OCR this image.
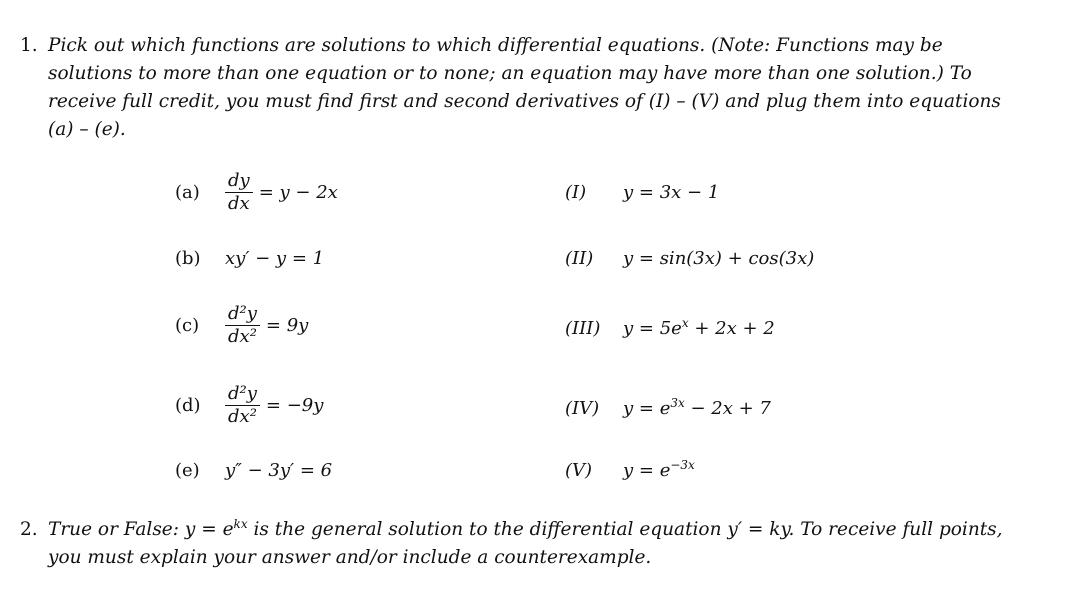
1. Pick out which functions are solutions to which differential equations. (Note: Functions may be solutions to more than one equation or to none; an equation may have more than one solution.) To receive full credit, you must find first and second derivatives of (I) – (V) and plug them into equations (a) – (e).
(a)	$\frac{dy}{dx} = y - 2x$
(b)	xy′ − y = 1
(c)	$\frac{\text{d²y}}{\text{dx²}} = 9y$
(d)	$\frac{\text{d²y}}{\text{dx²}} = -9y$
(e)	y″ − 3y′ = 6
(I)	y = 3x − 1
(II)	y = sin(3x) + cos(3x)
(III)	$y = 5e^x + 2x + 2$
(IV)	$y = e^{3x} - 2x + 7$
(V)	$y = e^{-3x}$
2. True or False: $y = e^{kx}$ is the general solution to the differential equation y′ = ky. To receive full points, you must explain your answer and/or include a counterexample.
